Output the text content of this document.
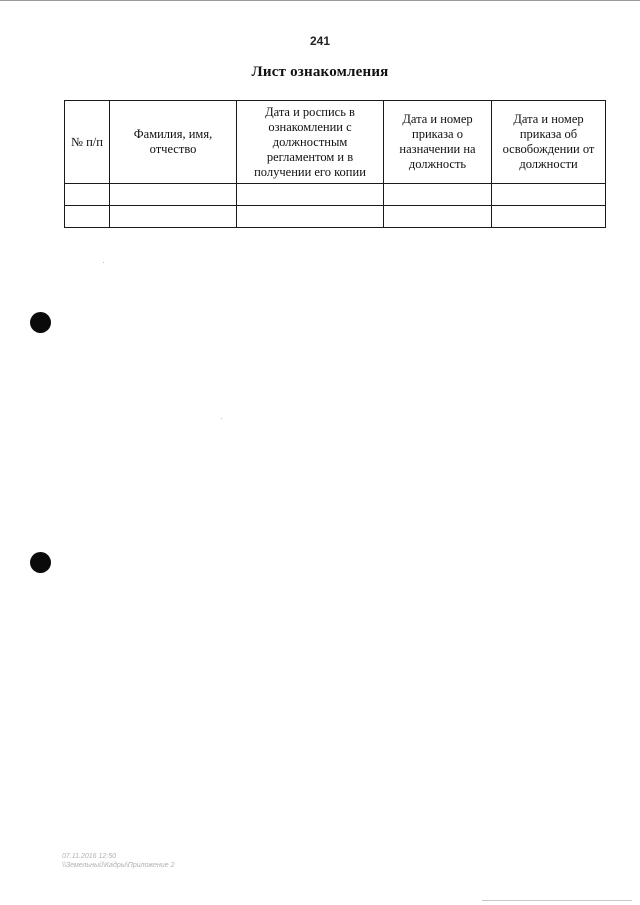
241
Лист ознакомления
№ п/п	Фамилия, имя, отчество	Дата и роспись в ознакомлении с должностным регламентом и в получении его копии	Дата и номер приказа о назначении на должность	Дата и номер приказа об освобождении от должности

07.11.2016 12:50
\\Земельный\Кадры\Приложение 2
